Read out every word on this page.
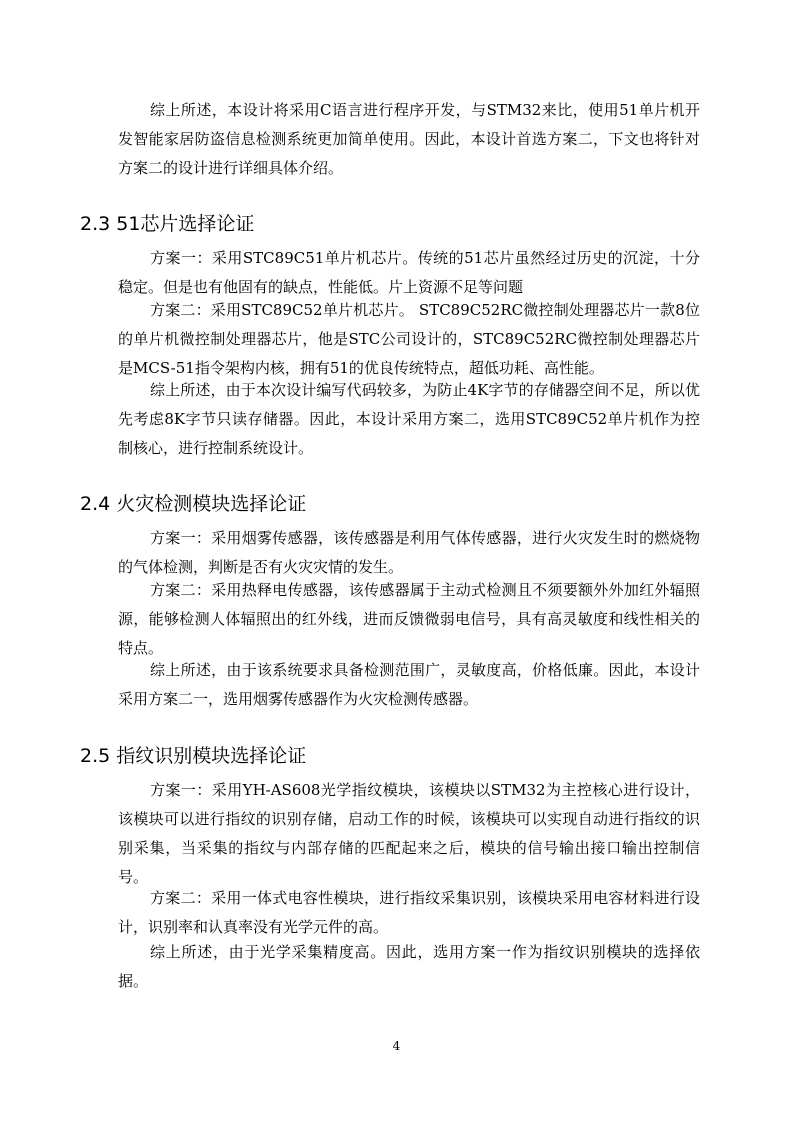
综上所述，本设计将采用C语言进行程序开发，与STM32来比，使用51单片机开发智能家居防盗信息检测系统更加简单使用。因此，本设计首选方案二，下文也将针对方案二的设计进行详细具体介绍。

2.3 51芯片选择论证

方案一：采用STC89C51单片机芯片。传统的51芯片虽然经过历史的沉淀，十分稳定。但是也有他固有的缺点，性能低。片上资源不足等问题

方案二：采用STC89C52单片机芯片。 STC89C52RC微控制处理器芯片一款8位的单片机微控制处理器芯片，他是STC公司设计的，STC89C52RC微控制处理器芯片是MCS-51指令架构内核，拥有51的优良传统特点，超低功耗、高性能。

综上所述，由于本次设计编写代码较多，为防止4K字节的存储器空间不足，所以优先考虑8K字节只读存储器。因此，本设计采用方案二，选用STC89C52单片机作为控制核心，进行控制系统设计。

2.4 火灾检测模块选择论证

方案一：采用烟雾传感器，该传感器是利用气体传感器，进行火灾发生时的燃烧物的气体检测，判断是否有火灾灾情的发生。

方案二：采用热释电传感器，该传感器属于主动式检测且不须要额外外加红外辐照源，能够检测人体辐照出的红外线，进而反馈微弱电信号，具有高灵敏度和线性相关的特点。

综上所述，由于该系统要求具备检测范围广，灵敏度高，价格低廉。因此，本设计采用方案二一，选用烟雾传感器作为火灾检测传感器。

2.5 指纹识别模块选择论证

方案一：采用YH-AS608光学指纹模块，该模块以STM32为主控核心进行设计，该模块可以进行指纹的识别存储，启动工作的时候，该模块可以实现自动进行指纹的识别采集，当采集的指纹与内部存储的匹配起来之后，模块的信号输出接口输出控制信号。

方案二：采用一体式电容性模块，进行指纹采集识别，该模块采用电容材料进行设计，识别率和认真率没有光学元件的高。

综上所述，由于光学采集精度高。因此，选用方案一作为指纹识别模块的选择依据。

4
